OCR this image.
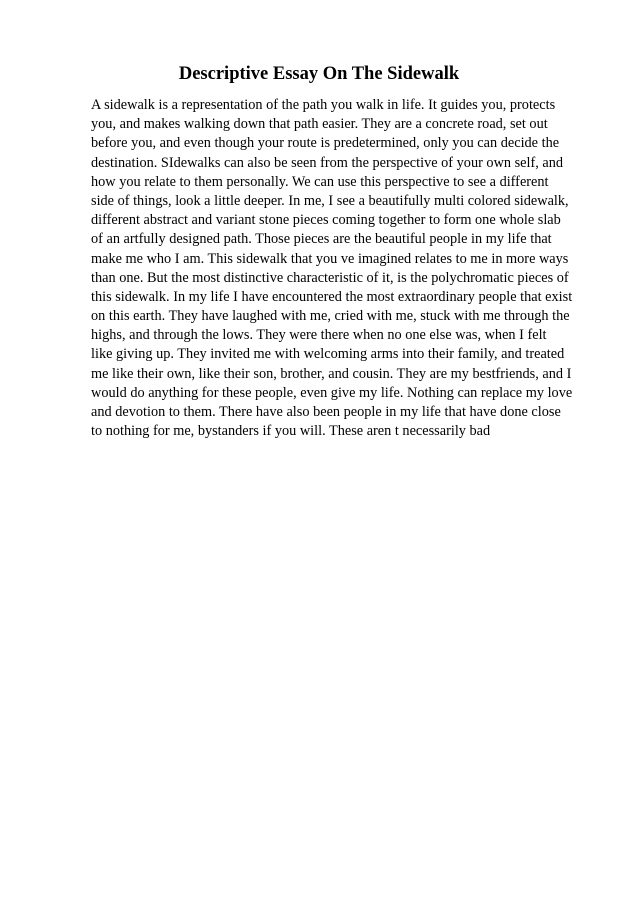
Descriptive Essay On The Sidewalk
A sidewalk is a representation of the path you walk in life. It guides you, protects
you, and makes walking down that path easier. They are a concrete road, set out
before you, and even though your route is predetermined, only you can decide the
destination. SIdewalks can also be seen from the perspective of your own self, and
how you relate to them personally. We can use this perspective to see a different
side of things, look a little deeper. In me, I see a beautifully multi colored sidewalk,
different abstract and variant stone pieces coming together to form one whole slab
of an artfully designed path. Those pieces are the beautiful people in my life that
make me who I am. This sidewalk that you ve imagined relates to me in more ways
than one. But the most distinctive characteristic of it, is the polychromatic pieces of
this sidewalk. In my life I have encountered the most extraordinary people that exist
on this earth. They have laughed with me, cried with me, stuck with me through the
highs, and through the lows. They were there when no one else was, when I felt
like giving up. They invited me with welcoming arms into their family, and treated
me like their own, like their son, brother, and cousin. They are my bestfriends, and I
would do anything for these people, even give my life. Nothing can replace my love
and devotion to them. There have also been people in my life that have done close
to nothing for me, bystanders if you will. These aren t necessarily bad
